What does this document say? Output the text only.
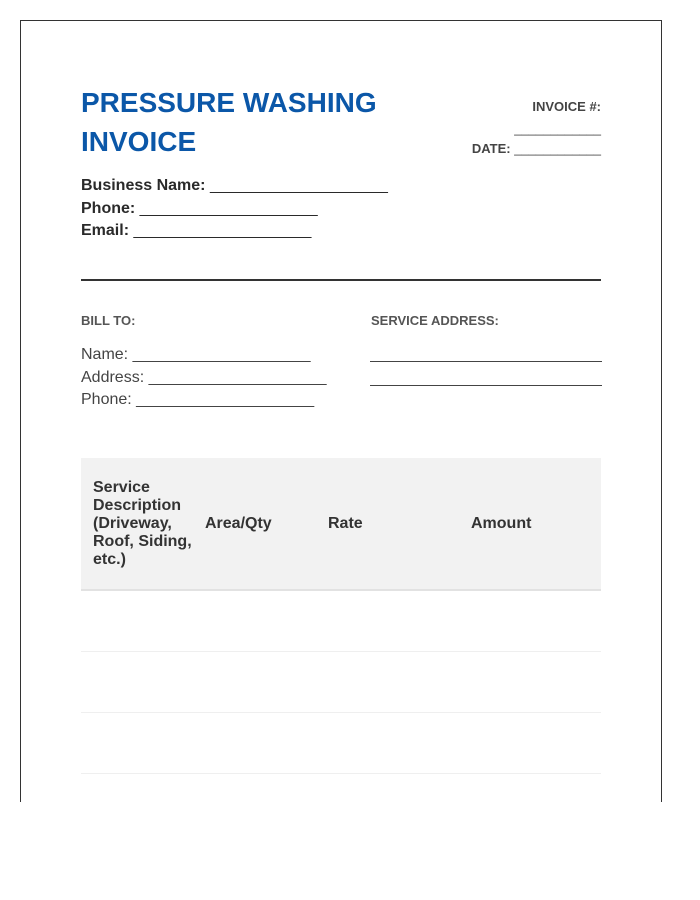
PRESSURE WASHING INVOICE
INVOICE #:
____________
DATE: ____________
Business Name: ____________________
Phone: ____________________
Email: ____________________
BILL TO:	SERVICE ADDRESS:
Name: ____________________
Address: ____________________
Phone: ____________________
Service Description (Driveway, Roof, Siding, etc.)
Area/Qty	Rate	Amount
